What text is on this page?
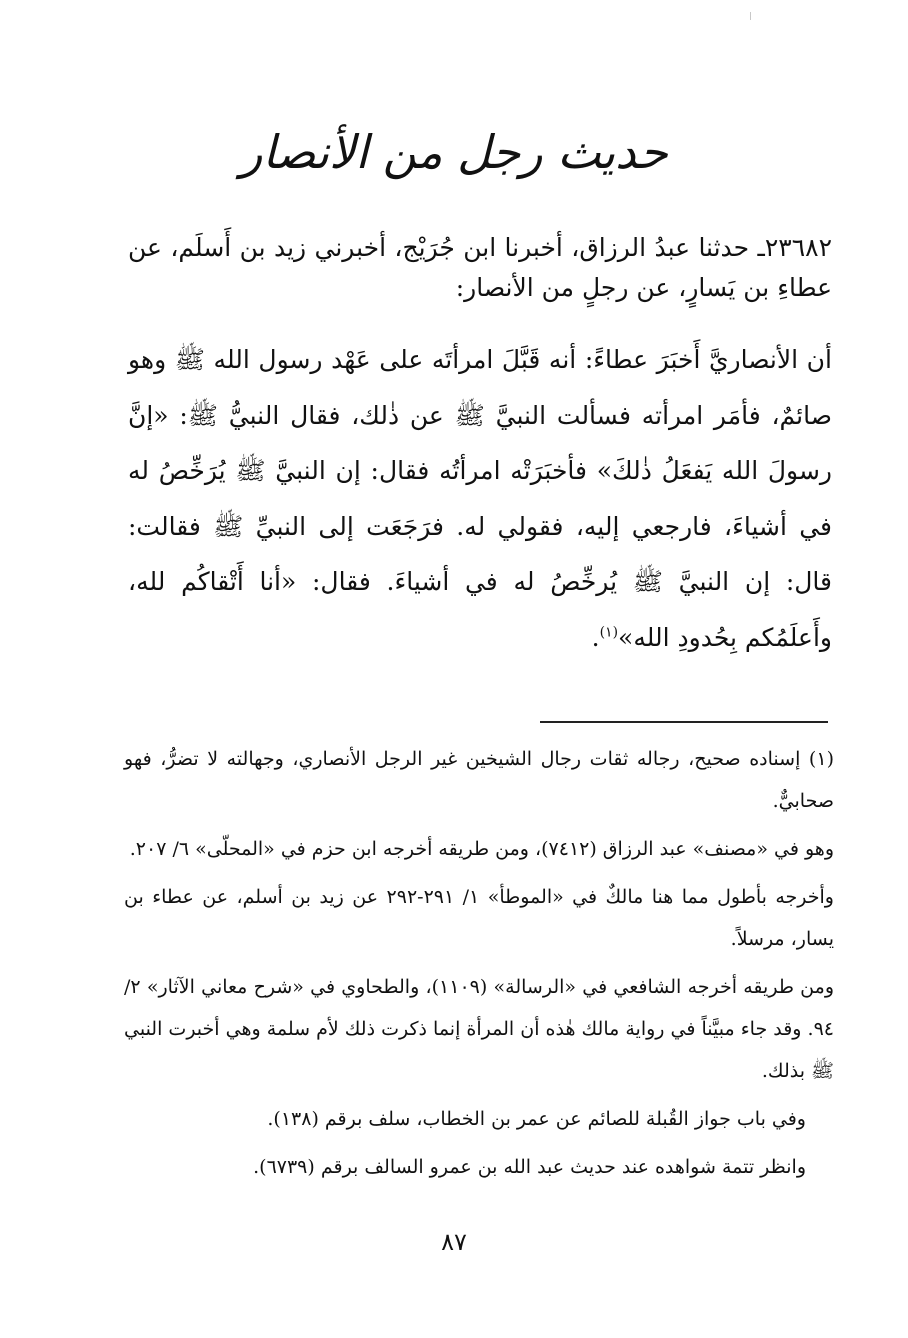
حديث رجل من الأنصار

٢٣٦٨٢ـ حدثنا عبدُ الرزاق، أخبرنا ابن جُرَيْج، أخبرني زيد بن أَسلَم، عن عطاءِ بن يَسارٍ، عن رجلٍ من الأنصار:

أن الأنصاريَّ أَخبَرَ عطاءً: أنه قَبَّلَ امرأتَه على عَهْد رسول الله ﷺ وهو صائمٌ، فأمَر امرأته فسألت النبيَّ ﷺ عن ذٰلك، فقال النبيُّ ﷺ: «إنَّ رسولَ الله يَفعَلُ ذٰلكَ» فأخبَرَتْه امرأتُه فقال: إن النبيَّ ﷺ يُرَخِّصُ له في أشياءَ، فارجعي إليه، فقولي له. فرَجَعَت إلى النبيِّ ﷺ فقالت: قال: إن النبيَّ ﷺ يُرخِّصُ له في أشياءَ. فقال: «أنا أَتْقاكُم لله، وأَعلَمُكم بِحُدودِ الله»$^{(١)}$.

(١) إسناده صحيح، رجاله ثقات رجال الشيخين غير الرجل الأنصاري، وجهالته لا تضرُّ، فهو صحابيٌّ.

وهو في «مصنف» عبد الرزاق (٧٤١٢)، ومن طريقه أخرجه ابن حزم في «المحلّى» ٦/ ٢٠٧.

وأخرجه بأطول مما هنا مالكٌ في «الموطأ» ١/ ٢٩١-٢٩٢ عن زيد بن أسلم، عن عطاء بن يسار، مرسلاً.

ومن طريقه أخرجه الشافعي في «الرسالة» (١١٠٩)، والطحاوي في «شرح معاني الآثار» ٢/ ٩٤. وقد جاء مبيَّناً في رواية مالك هٰذه أن المرأة إنما ذكرت ذلك لأم سلمة وهي أخبرت النبي ﷺ بذلك.

وفي باب جواز القُبلة للصائم عن عمر بن الخطاب، سلف برقم (١٣٨).

وانظر تتمة شواهده عند حديث عبد الله بن عمرو السالف برقم (٦٧٣٩).

٨٧
